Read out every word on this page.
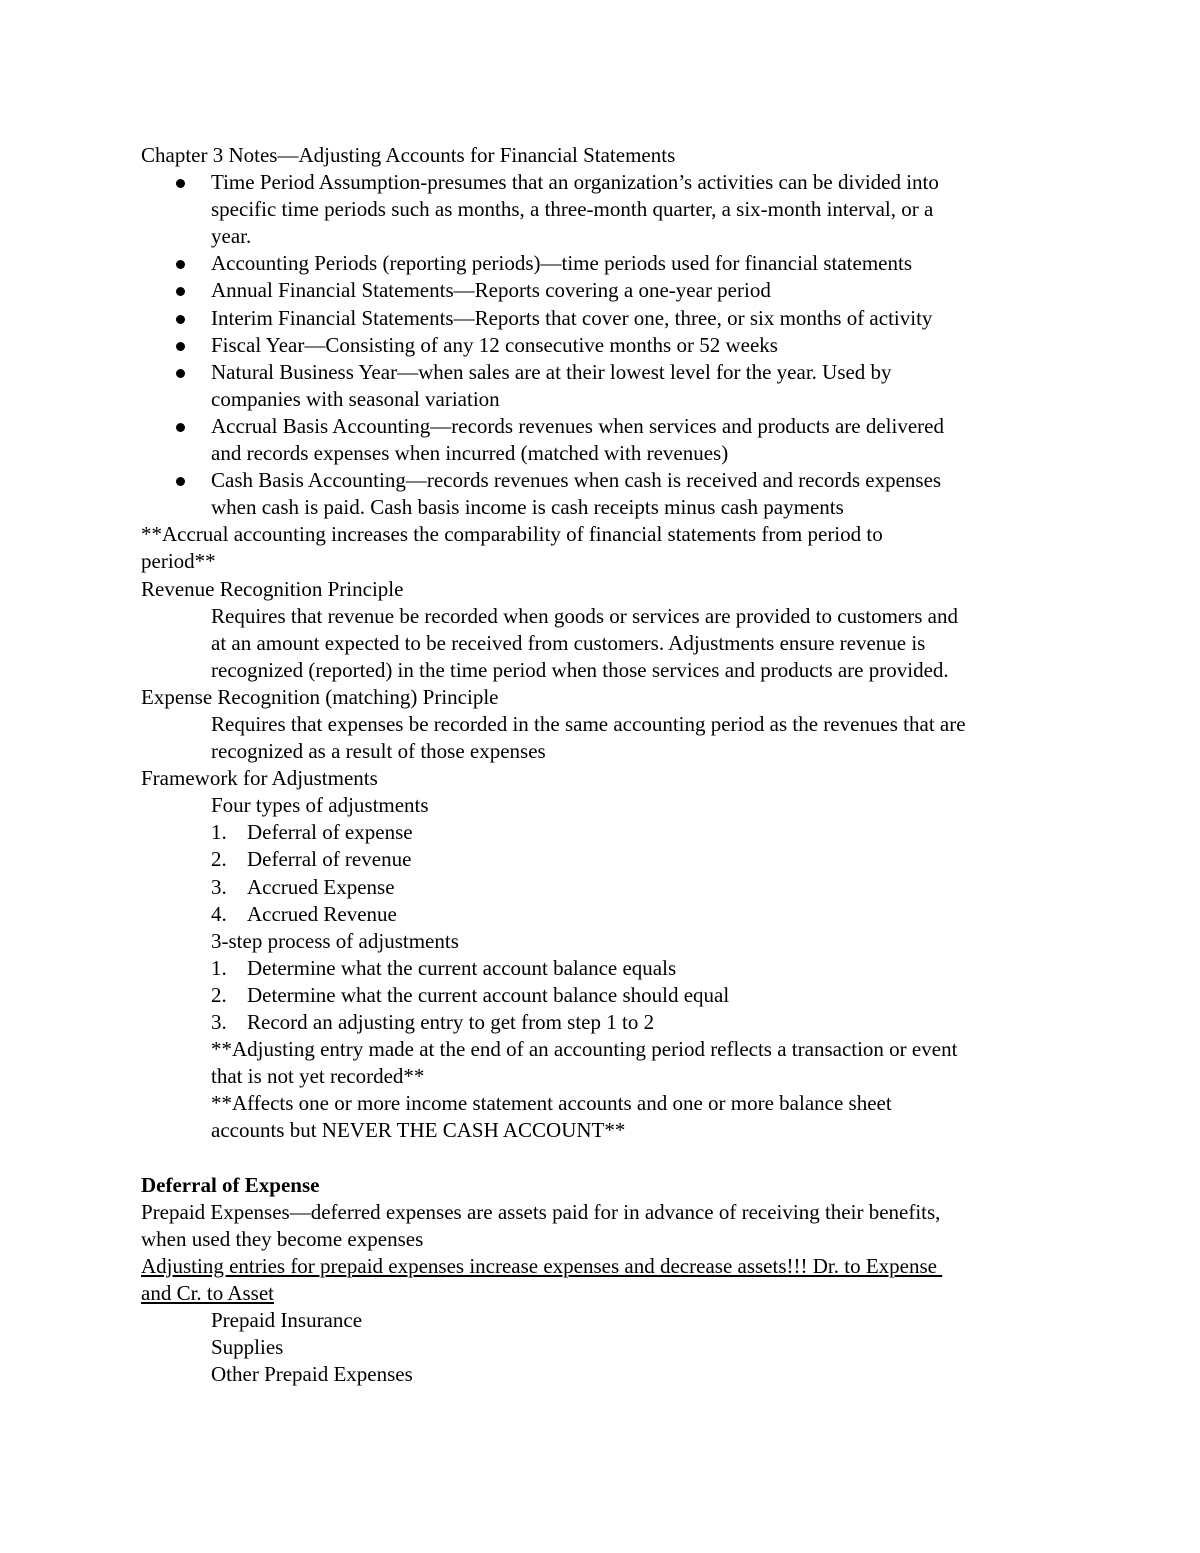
Chapter 3 Notes—Adjusting Accounts for Financial Statements
Time Period Assumption-presumes that an organization’s activities can be divided into
specific time periods such as months, a three-month quarter, a six-month interval, or a
year.
Accounting Periods (reporting periods)—time periods used for financial statements
Annual Financial Statements—Reports covering a one-year period
Interim Financial Statements—Reports that cover one, three, or six months of activity
Fiscal Year—Consisting of any 12 consecutive months or 52 weeks
Natural Business Year—when sales are at their lowest level for the year. Used by
companies with seasonal variation
Accrual Basis Accounting—records revenues when services and products are delivered
and records expenses when incurred (matched with revenues)
Cash Basis Accounting—records revenues when cash is received and records expenses
when cash is paid. Cash basis income is cash receipts minus cash payments
**Accrual accounting increases the comparability of financial statements from period to
period**
Revenue Recognition Principle
Requires that revenue be recorded when goods or services are provided to customers and
at an amount expected to be received from customers. Adjustments ensure revenue is
recognized (reported) in the time period when those services and products are provided.
Expense Recognition (matching) Principle
Requires that expenses be recorded in the same accounting period as the revenues that are
recognized as a result of those expenses
Framework for Adjustments
Four types of adjustments
1. Deferral of expense
2. Deferral of revenue
3. Accrued Expense
4. Accrued Revenue
3-step process of adjustments
1. Determine what the current account balance equals
2. Determine what the current account balance should equal
3. Record an adjusting entry to get from step 1 to 2
**Adjusting entry made at the end of an accounting period reflects a transaction or event
that is not yet recorded**
**Affects one or more income statement accounts and one or more balance sheet
accounts but NEVER THE CASH ACCOUNT**
Deferral of Expense
Prepaid Expenses—deferred expenses are assets paid for in advance of receiving their benefits,
when used they become expenses
Adjusting entries for prepaid expenses increase expenses and decrease assets!!! Dr. to Expense
and Cr. to Asset
Prepaid Insurance
Supplies
Other Prepaid Expenses
